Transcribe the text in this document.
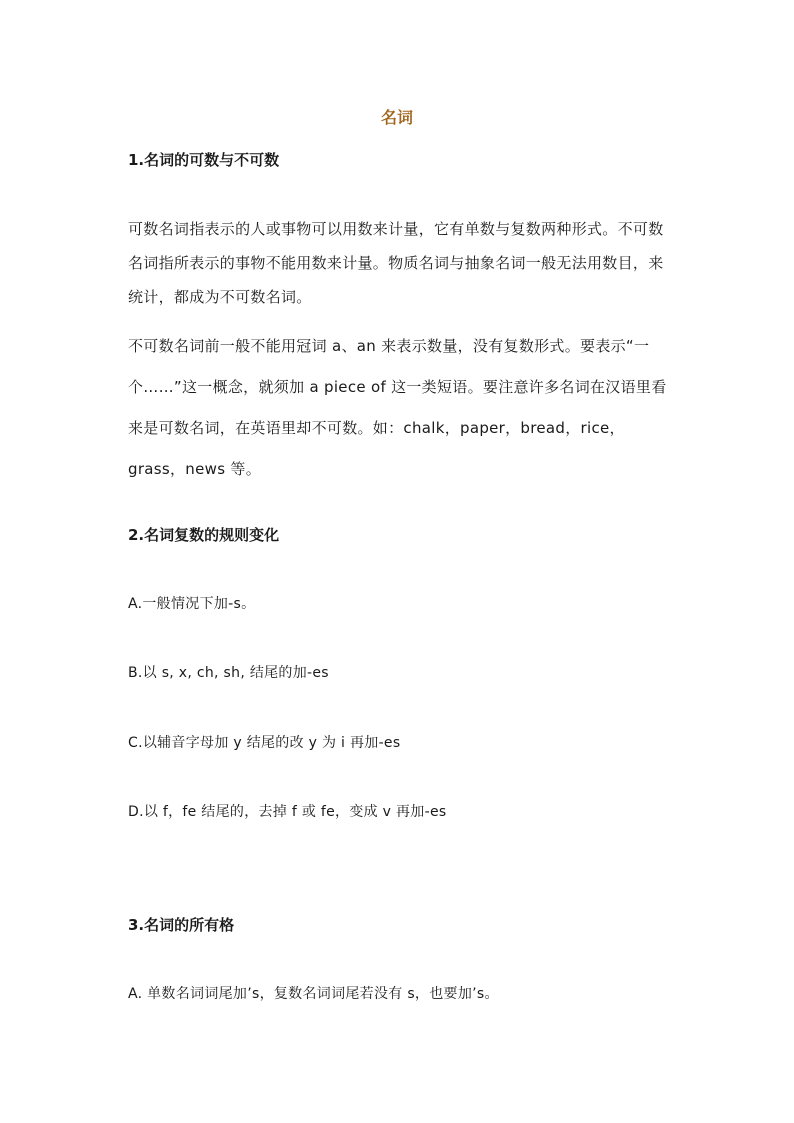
名词
1.名词的可数与不可数
可数名词指表示的人或事物可以用数来计量，它有单数与复数两种形式。不可数名词指所表示的事物不能用数来计量。物质名词与抽象名词一般无法用数目，来统计，都成为不可数名词。
不可数名词前一般不能用冠词 a、an 来表示数量，没有复数形式。要表示“一个……”这一概念，就须加 a piece of 这一类短语。要注意许多名词在汉语里看来是可数名词，在英语里却不可数。如：chalk，paper，bread，rice，grass，news 等。
2.名词复数的规则变化
A.一般情况下加-s。
B.以 s, x, ch, sh, 结尾的加-es
C.以辅音字母加 y 结尾的改 y 为 i 再加-es
D.以 f，fe 结尾的，去掉 f 或 fe，变成 v 再加-es
3.名词的所有格
A. 单数名词词尾加’s，复数名词词尾若没有 s，也要加’s。
